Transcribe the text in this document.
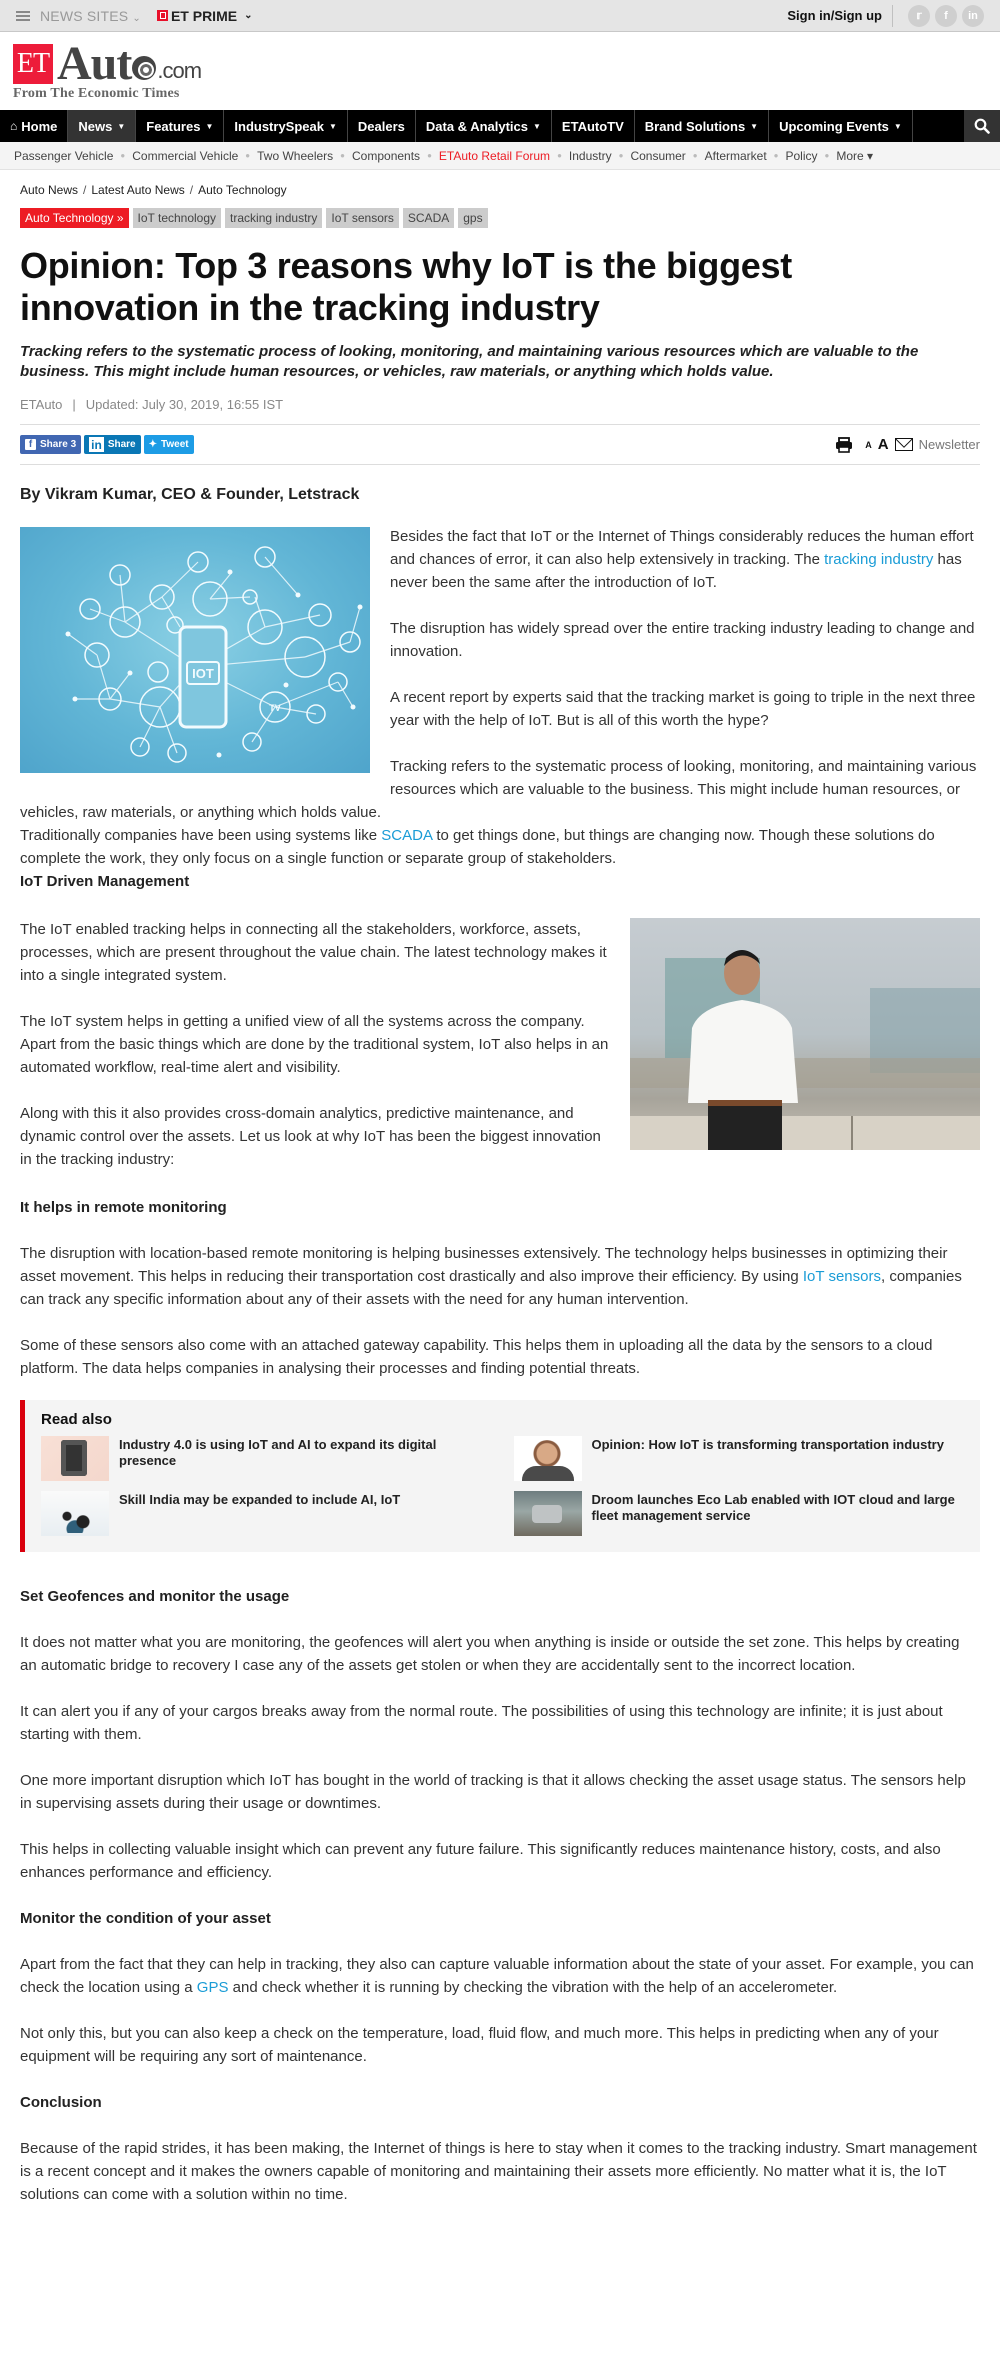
NEWS SITES ⌄ ET PRIME ⌄	Sign in/Sign up	𝕣	f	in
ET Aut .com
From The Economic Times
⌂ Home News ▼ Features ▼ IndustrySpeak ▼ Dealers Data & Analytics ▼ ETAutoTV Brand Solutions ▼ Upcoming Events ▼
Passenger Vehicle ● Commercial Vehicle ● Two Wheelers ● Components ● ETAuto Retail Forum ● Industry ● Consumer ● Aftermarket ● Policy ● More ▾
Auto News / Latest Auto News / Auto Technology
Auto Technology »	IoT technology	tracking industry	IoT sensors	SCADA	gps
Opinion: Top 3 reasons why IoT is the biggest innovation in the tracking industry

Tracking refers to the systematic process of looking, monitoring, and maintaining various resources which are valuable to the business. This might include human resources, or vehicles, raw materials, or anything which holds value.

ETAuto | Updated: July 30, 2019, 16:55 IST
f Share 3 in Share ✦ Tweet	A A Newsletter
By Vikram Kumar, CEO & Founder, Letstrack
IOT
TV

Besides the fact that IoT or the Internet of Things considerably reduces the human effort and chances of error, it can also help extensively in tracking. The tracking industry has never been the same after the introduction of IoT.

The disruption has widely spread over the entire tracking industry leading to change and innovation.

A recent report by experts said that the tracking market is going to triple in the next three year with the help of IoT. But is all of this worth the hype?

Tracking refers to the systematic process of looking, monitoring, and maintaining various resources which are valuable to the business. This might include human resources, or vehicles, raw materials, or anything which holds value.

Traditionally companies have been using systems like SCADA to get things done, but things are changing now. Though these solutions do complete the work, they only focus on a single function or separate group of stakeholders.

IoT Driven Management

The IoT enabled tracking helps in connecting all the stakeholders, workforce, assets, processes, which are present throughout the value chain. The latest technology makes it into a single integrated system.

The IoT system helps in getting a unified view of all the systems across the company. Apart from the basic things which are done by the traditional system, IoT also helps in an automated workflow, real-time alert and visibility.

Along with this it also provides cross-domain analytics, predictive maintenance, and dynamic control over the assets. Let us look at why IoT has been the biggest innovation in the tracking industry:

It helps in remote monitoring

The disruption with location-based remote monitoring is helping businesses extensively. The technology helps businesses in optimizing their asset movement. This helps in reducing their transportation cost drastically and also improve their efficiency. By using IoT sensors, companies can track any specific information about any of their assets with the need for any human intervention.

Some of these sensors also come with an attached gateway capability. This helps them in uploading all the data by the sensors to a cloud platform. The data helps companies in analysing their processes and finding potential threats.

Read also
Industry 4.0 is using IoT and AI to expand its digital presence
Opinion: How IoT is transforming transportation industry
Skill India may be expanded to include AI, IoT	Droom launches Eco Lab enabled with IOT cloud and large fleet management service
Set Geofences and monitor the usage

It does not matter what you are monitoring, the geofences will alert you when anything is inside or outside the set zone. This helps by creating an automatic bridge to recovery I case any of the assets get stolen or when they are accidentally sent to the incorrect location.

It can alert you if any of your cargos breaks away from the normal route. The possibilities of using this technology are infinite; it is just about starting with them.

One more important disruption which IoT has bought in the world of tracking is that it allows checking the asset usage status. The sensors help in supervising assets during their usage or downtimes.

This helps in collecting valuable insight which can prevent any future failure. This significantly reduces maintenance history, costs, and also enhances performance and efficiency.

Monitor the condition of your asset

Apart from the fact that they can help in tracking, they also can capture valuable information about the state of your asset. For example, you can check the location using a GPS and check whether it is running by checking the vibration with the help of an accelerometer.

Not only this, but you can also keep a check on the temperature, load, fluid flow, and much more. This helps in predicting when any of your equipment will be requiring any sort of maintenance.

Conclusion

Because of the rapid strides, it has been making, the Internet of things is here to stay when it comes to the tracking industry. Smart management is a recent concept and it makes the owners capable of monitoring and maintaining their assets more efficiently. No matter what it is, the IoT solutions can come with a solution within no time.
